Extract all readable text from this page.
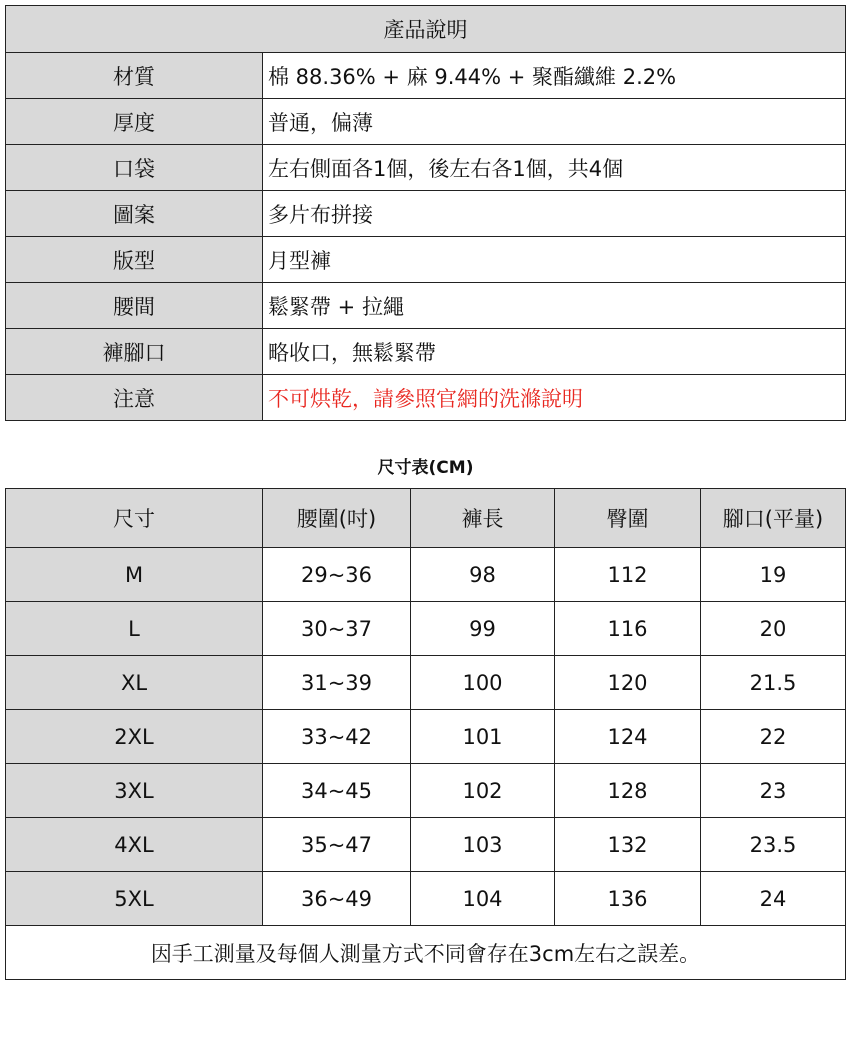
產品說明	
材質	棉 88.36% + 麻 9.44% + 聚酯纖維 2.2%
厚度	普通，偏薄
口袋	左右側面各1個，後左右各1個，共4個
圖案	多片布拼接
版型	月型褲
腰間	鬆緊帶 + 拉繩
褲腳口	略收口，無鬆緊帶
注意	不可烘乾，請參照官網的洗滌說明
尺寸表(CM)
尺寸	腰圍(吋)	褲長	臀圍	腳口(平量)
M	29~36	98	112	19
L	30~37	99	116	20
XL	31~39	100	120	21.5
2XL	33~42	101	124	22
3XL	34~45	102	128	23
4XL	35~47	103	132	23.5
5XL	36~49	104	136	24
因手工測量及每個人測量方式不同會存在3cm左右之誤差。				
